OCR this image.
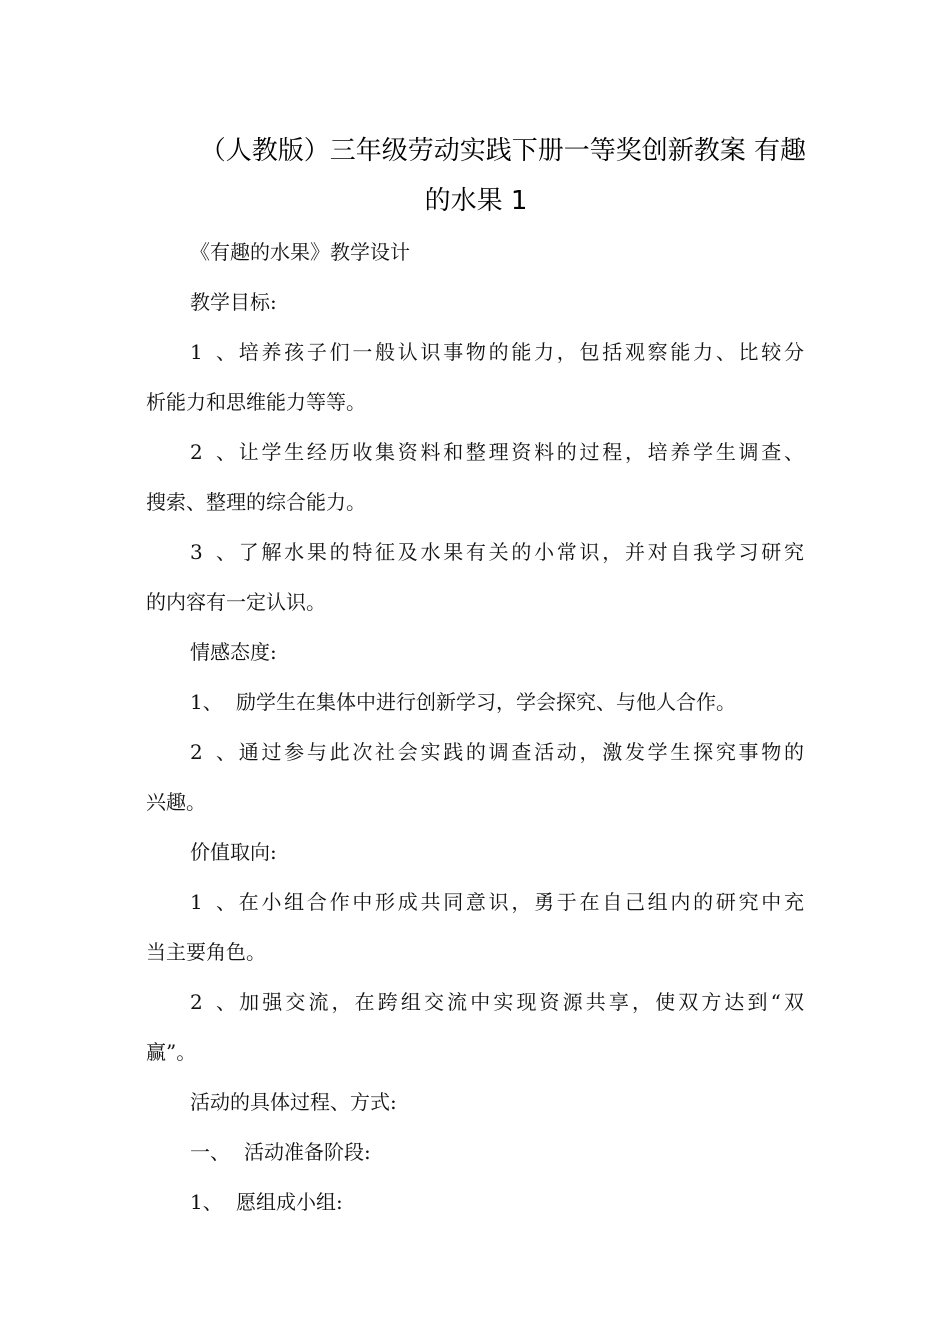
（人教版）三年级劳动实践下册一等奖创新教案 有趣
的水果 1
《有趣的水果》教学设计
教学目标:
1、培养孩子们一般认识事物的能力，包括观察能力、比较分
析能力和思维能力等等。
2、让学生经历收集资料和整理资料的过程，培养学生调查、
搜索、整理的综合能力。
3、了解水果的特征及水果有关的小常识，并对自我学习研究
的内容有一定认识。
情感态度:
1、 励学生在集体中进行创新学习，学会探究、与他人合作。
2、通过参与此次社会实践的调查活动，激发学生探究事物的
兴趣。
价值取向:
1、在小组合作中形成共同意识，勇于在自己组内的研究中充
当主要角色。
2、加强交流，在跨组交流中实现资源共享，使双方达到“双
赢”。
活动的具体过程、方式:
一、 活动准备阶段:
1、 愿组成小组:
